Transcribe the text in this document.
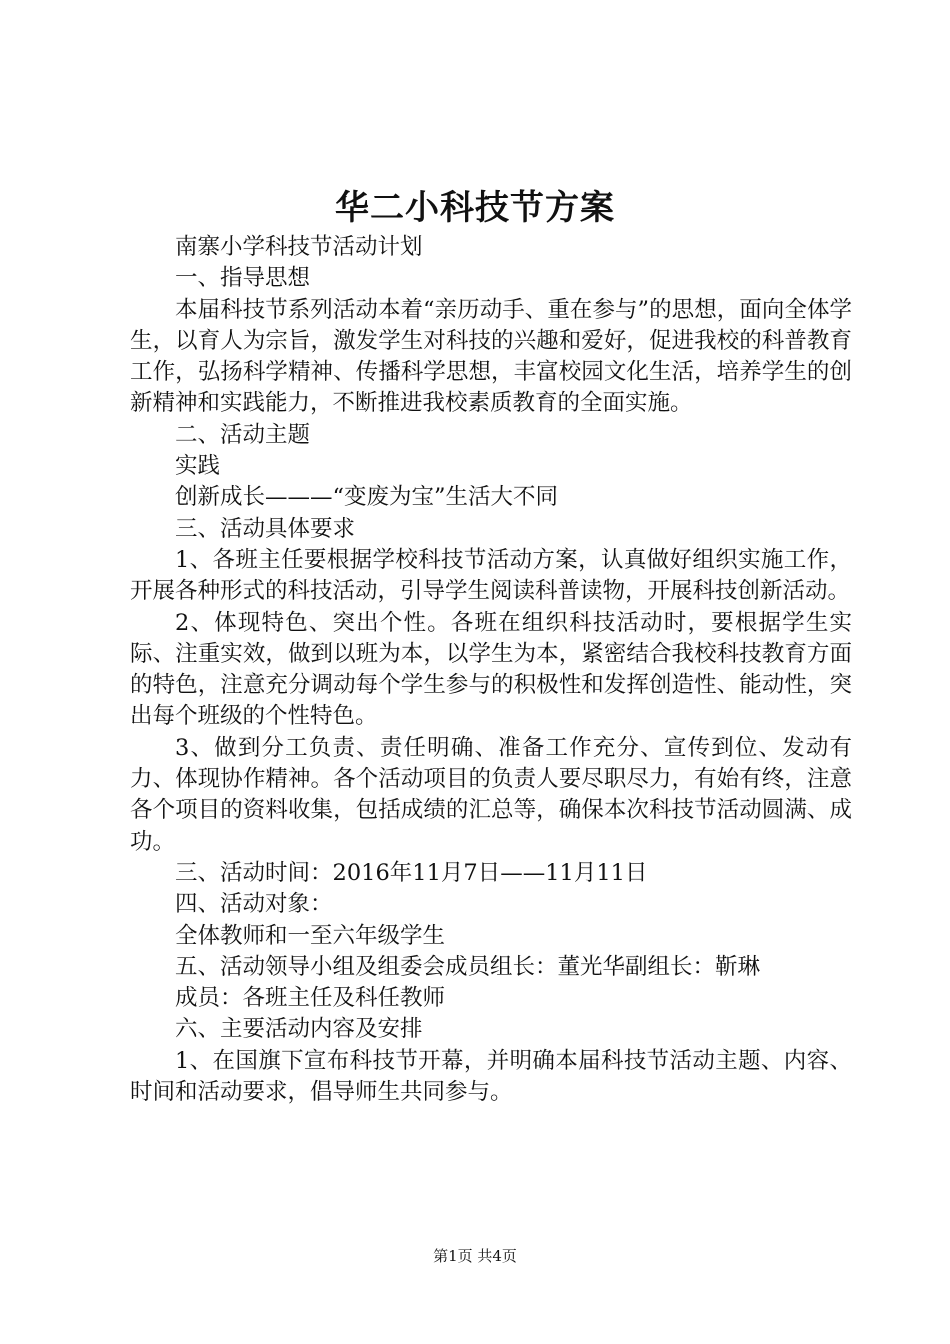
华二小科技节方案

南寨小学科技节活动计划

一、指导思想

本届科技节系列活动本着“亲历动手、重在参与”的思想，面向全体学生，以育人为宗旨，激发学生对科技的兴趣和爱好，促进我校的科普教育工作，弘扬科学精神、传播科学思想，丰富校园文化生活，培养学生的创新精神和实践能力，不断推进我校素质教育的全面实施。

二、活动主题

实践

创新成长———“变废为宝”生活大不同

三、活动具体要求

1、各班主任要根据学校科技节活动方案，认真做好组织实施工作，开展各种形式的科技活动，引导学生阅读科普读物，开展科技创新活动。

2、体现特色、突出个性。各班在组织科技活动时，要根据学生实际、注重实效，做到以班为本，以学生为本，紧密结合我校科技教育方面的特色，注意充分调动每个学生参与的积极性和发挥创造性、能动性，突出每个班级的个性特色。

3、做到分工负责、责任明确、准备工作充分、宣传到位、发动有力、体现协作精神。各个活动项目的负责人要尽职尽力，有始有终，注意各个项目的资料收集，包括成绩的汇总等，确保本次科技节活动圆满、成功。

三、活动时间：2016年11月7日——11月11日

四、活动对象：

全体教师和一至六年级学生

五、活动领导小组及组委会成员组长：董光华副组长：靳琳

成员：各班主任及科任教师

六、主要活动内容及安排

1、在国旗下宣布科技节开幕，并明确本届科技节活动主题、内容、时间和活动要求，倡导师生共同参与。

第1页 共4页
